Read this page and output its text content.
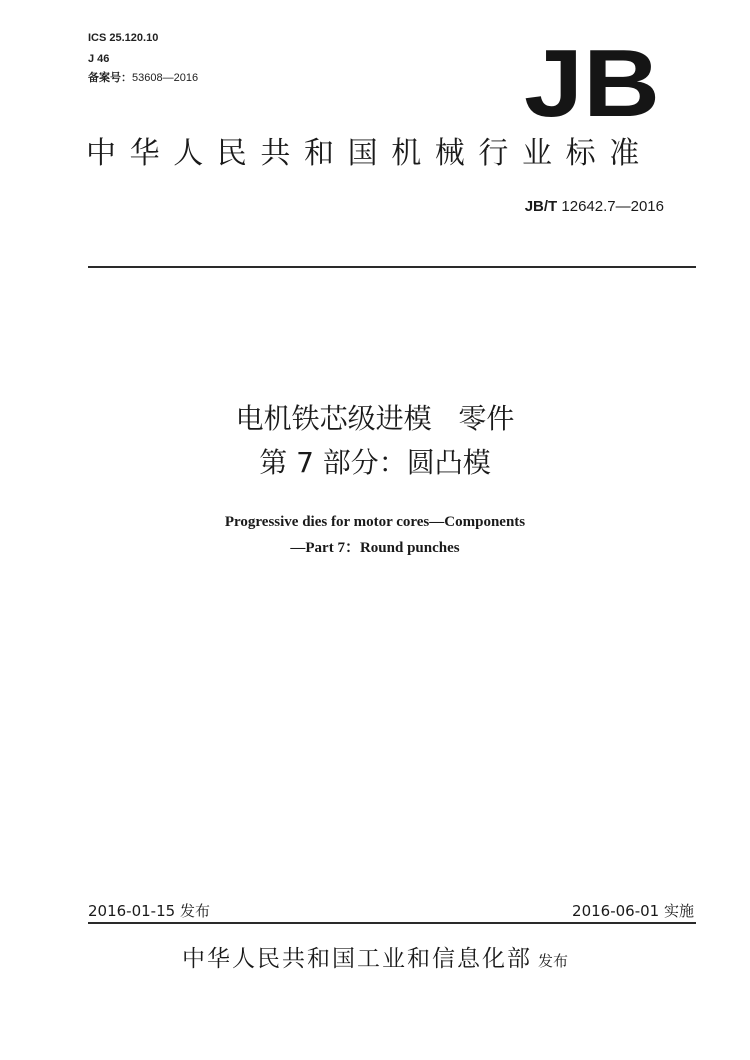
ICS 25.120.10
J 46
备案号：53608—2016	JB
中华人民共和国机械行业标准
JB/T 12642.7—2016
电机铁芯级进模   零件
第 7 部分：圆凸模
Progressive dies for motor cores—Components
—Part 7：Round punches
2016-01-15 发布	2016-06-01 实施
中华人民共和国工业和信息化部 发布
